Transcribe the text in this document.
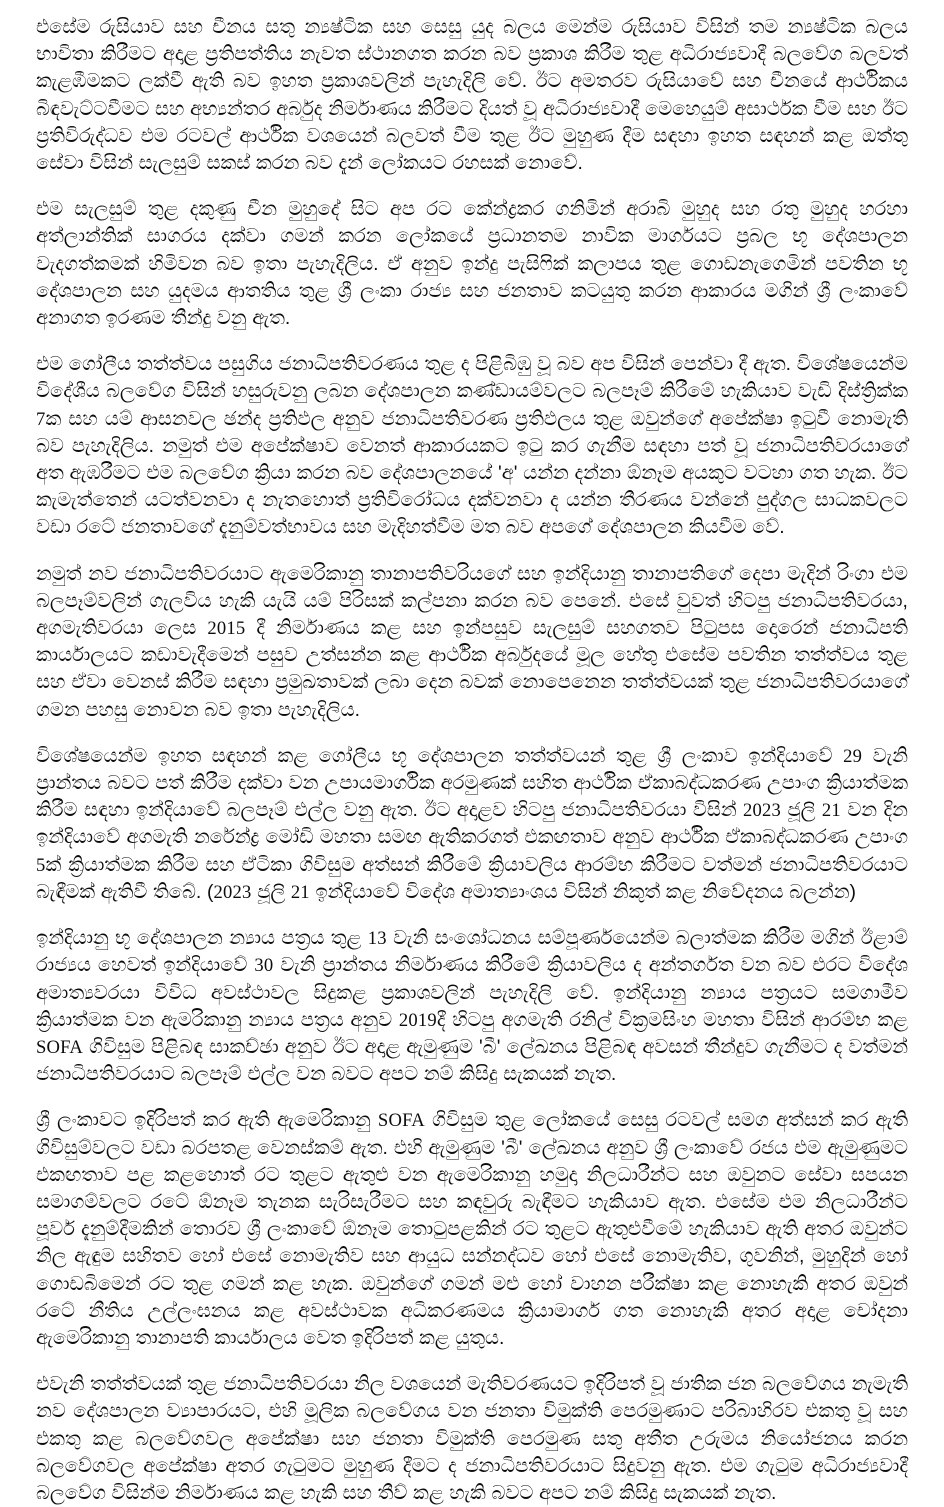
එසේම රුසියාව සහ චීනය සතු න්‍යෂ්ටික සහ සෙසු යුද බලය මෙන්ම රුසියාව විසින් තම න්‍යෂ්ටික බලය භාවිතා කිරීමට අදාළ ප්‍රතිපත්තිය නැවත ස්ථානගත කරන බව ප්‍රකාශ කිරීම තුළ අධිරාජ්‍යවාදී බලවේග බලවත් කැළඹීමකට ලක්වී ඇති බව ඉහත ප්‍රකාශවලින් පැහැදිලි වේ. ඊට අමතරව රුසියාවේ සහ චීනයේ ආර්ථිකය බිඳවැට්ටවීමට සහ අභ්‍යන්තර අර්බුද නිර්මාණය කිරීමට දියත් වූ අධිරාජ්‍යවාදී මෙහෙයුම් අසාර්ථක වීම සහ ඊට ප්‍රතිවිරුද්ධව එම රටවල් ආර්ථික වශයෙන් බලවත් වීම තුළ ඊට මුහුණ දීම සඳහා ඉහත සඳහන් කළ ඔත්තු සේවා විසින් සැලසුම් සකස් කරන බව දැන් ලෝකයට රහසක් නොවේ.

එම සැලසුම් තුළ දකුණු චීන මුහුදේ සිට අප රට කේන්ද්‍රකර ගනිමින් අරාබි මුහුද සහ රතු මුහුද හරහා අත්ලාන්තික් සාගරය දක්වා ගමන් කරන ලෝකයේ ප්‍රධානතම නාවික මාර්ගයට ප්‍රබල භූ දේශපාලන වැදගත්කමක් හිමිවන බව ඉතා පැහැදිලිය. ඒ අනුව ඉන්දු පැසිෆික් කලාපය තුළ ගොඩනැගෙමින් පවතින භූ දේශපාලන සහ යුදමය ආතතිය තුළ ශ්‍රී ලංකා රාජ්‍ය සහ ජනතාව කටයුතු කරන ආකාරය මගින් ශ්‍රී ලංකාවේ අනාගත ඉරණම තීන්දු වනු ඇත.

එම ගෝලීය තත්ත්වය පසුගිය ජනාධිපතිවරණය තුළ ද පිළිබිඹු වූ බව අප විසින් පෙන්වා දී ඇත. විශේෂයෙන්ම විදේශීය බලවේග විසින් හසුරුවනු ලබන දේශපාලන කණ්ඩායම්වලට බලපෑම් කිරීමේ හැකියාව වැඩි දිස්ත්‍රික්ක 7ක සහ යම් ආසනවල ඡන්ද ප්‍රතිඵල අනුව ජනාධිපතිවරණ ප්‍රතිඵලය තුළ ඔවුන්ගේ අපේක්ෂා ඉටුවී නොමැති බව පැහැදිලිය. නමුත් එම අපේක්ෂාව වෙනත් ආකාරයකට ඉටු කර ගැනීම සඳහා පත් වූ ජනාධිපතිවරයාගේ අත ඇඹරීමට එම බලවේග ක්‍රියා කරන බව දේශපාලනයේ 'අ' යන්න දන්නා ඕනෑම අයකුට වටහා ගත හැක. ඊට කැමැත්තෙන් යටත්වනවා ද නැතහොත් ප්‍රතිවිරෝධය දක්වනවා ද යන්න තීරණය වන්නේ පුද්ගල සාධකවලට වඩා රටේ ජනතාවගේ දැනුම්වත්භාවය සහ මැදිහත්වීම මත බව අපගේ දේශපාලන කියවීම වේ.

නමුත් නව ජනාධිපතිවරයාට ඇමෙරිකානු තානාපතිවරියගේ සහ ඉන්දියානු තානාපතිගේ දෙපා මැදින් රිංගා එම බලපෑම්වලින් ගැලවිය හැකි යැයි යම් පිරිසක් කල්පනා කරන බව පෙනේ. එසේ වුවත් හිටපු ජනාධිපතිවරයා, අගමැතිවරයා ලෙස 2015 දී නිර්මාණය කළ සහ ඉන්පසුව සැලසුම් සහගතව පිටුපස දොරෙන් ජනාධිපති කාර්යාලයට කඩාවැදීමෙන් පසුව උත්සන්න කළ ආර්ථික අර්බුදයේ මූල හේතු එසේම පවතින තත්ත්වය තුළ සහ ඒවා වෙනස් කිරීම සඳහා ප්‍රමුඛතාවක් ලබා දෙන බවක් නොපෙනෙන තත්ත්වයක් තුළ ජනාධිපතිවරයාගේ ගමන පහසු නොවන බව ඉතා පැහැදිලිය.

විශේෂයෙන්ම ඉහත සඳහන් කළ ගෝලීය භූ දේශපාලන තත්ත්වයන් තුළ ශ්‍රී ලංකාව ඉන්දියාවේ 29 වැනි ප්‍රාන්තය බවට පත් කිරීම දක්වා වන උපායමාර්ගික අරමුණක් සහිත ආර්ථික ඒකාබද්ධකරණ උපාංග ක්‍රියාත්මක කිරීම සඳහා ඉන්දියාවේ බලපෑම් එල්ල වනු ඇත. ඊට අදාළව හිටපු ජනාධිපතිවරයා විසින් 2023 ජූලි 21 වන දින ඉන්දියාවේ අගමැති නරේන්ද්‍ර මෝඩි මහතා සමඟ ඇතිකරගත් එකඟතාව අනුව ආර්ථික ඒකාබද්ධකරණ උපාංග 5ක් ක්‍රියාත්මක කිරීම සහ ඒටිකා ගිවිසුම අත්සන් කිරීමේ ක්‍රියාවලිය ආරම්භ කිරීමට වත්මන් ජනාධිපතිවරයාට බැඳීමක් ඇතිවී තිබේ. (2023 ජූලි 21 ඉන්දියාවේ විදේශ අමාත්‍යාංශය විසින් නිකුත් කළ නිවේදනය බලන්න)

ඉන්දියානු භූ දේශපාලන න්‍යාය පත්‍රය තුළ 13 වැනි සංශෝධනය සම්පූර්ණයෙන්ම බලාත්මක කිරීම මගින් ඊළාම් රාජ්‍යය හෙවත් ඉන්දියාවේ 30 වැනි ප්‍රාන්තය නිර්මාණය කිරීමේ ක්‍රියාවලිය ද අන්තර්ගත වන බව එරට විදේශ අමාත්‍යවරයා විවිධ අවස්ථාවල සිදුකළ ප්‍රකාශවලින් පැහැදිලි වේ. ඉන්දියානු න්‍යාය පත්‍රයට සමගාමීව ක්‍රියාත්මක වන ඇමරිකානු න්‍යාය පත්‍රය අනුව 2019දී හිටපු අගමැති රනිල් වික්‍රමසිංහ මහතා විසින් ආරම්භ කළ SOFA ගිවිසුම පිළිබඳ සාකච්ඡා අනුව ඊට අදාළ ඇමුණුම 'බී' ලේඛනය පිළිබඳ අවසන් තීන්දුව ගැනීමට ද වත්මන් ජනාධිපතිවරයාට බලපෑම් එල්ල වන බවට අපට නම් කිසිදු සැකයක් නැත.

ශ්‍රී ලංකාවට ඉදිරිපත් කර ඇති ඇමෙරිකානු SOFA ගිවිසුම තුළ ලෝකයේ සෙසු රටවල් සමග අත්සන් කර ඇති ගිවිසුම්වලට වඩා බරපතළ වෙනස්කම් ඇත. එහි ඇමුණුම 'බී' ලේඛනය අනුව ශ්‍රී ලංකාවේ රජය එම ඇමුණුමට එකඟතාව පළ කළහොත් රට තුළට ඇතුළු වන ඇමෙරිකානු හමුදා නිලධාරීන්ට සහ ඔවුනට සේවා සපයන සමාගම්වලට රටේ ඕනෑම තැනක සැරිසැරීමට සහ කඳවුරු බැඳීමට හැකියාව ඇත. එසේම එම නිලධාරීන්ට පූර්ව දැනුම්දීමකින් තොරව ශ්‍රී ලංකාවේ ඕනෑම තොටුපළකින් රට තුළට ඇතුළුවීමේ හැකියාව ඇති අතර ඔවුන්ට නිල ඇඳුම සහිතව හෝ එසේ නොමැතිව සහ ආයුධ සන්නද්ධව හෝ එසේ නොමැතිව, ගුවනින්, මුහුදින් හෝ ගොඩබිමෙන් රට තුළ ගමන් කළ හැක. ඔවුන්ගේ ගමන් මළු හෝ වාහන පරීක්ෂා කළ නොහැකි අතර ඔවුන් රටේ නීතිය උල්ලංඝනය කළ අවස්ථාවක අධිකරණමය ක්‍රියාමාර්ග ගත නොහැකි අතර අදාළ චෝදනා ඇමෙරිකානු තානාපති කාර්යාලය වෙත ඉදිරිපත් කළ යුතුය.

එවැනි තත්ත්වයක් තුළ ජනාධිපතිවරයා නිල වශයෙන් මැතිවරණයට ඉදිරිපත් වූ ජාතික ජන බලවේගය නැමැති නව දේශපාලන ව්‍යාපාරයට, එහි මූලික බලවේගය වන ජනතා විමුක්ති පෙරමුණාට පරිබාහිරව එකතු වූ සහ එකතු කළ බලවේගවල අපේක්ෂා සහ ජනතා විමුක්ති පෙරමුණ සතු අතීත උරුමය නියෝජනය කරන බලවේගවල අපේක්ෂා අතර ගැටුමට මුහුණ දීමට ද ජනාධිපතිවරයාට සිදුවනු ඇත. එම ගැටුම අධිරාජ්‍යවාදී බලවේග විසින්ම නිර්මාණය කළ හැකි සහ තීව් කළ හැකි බවට අපට නම් කිසිදු සැකයක් නැත.
